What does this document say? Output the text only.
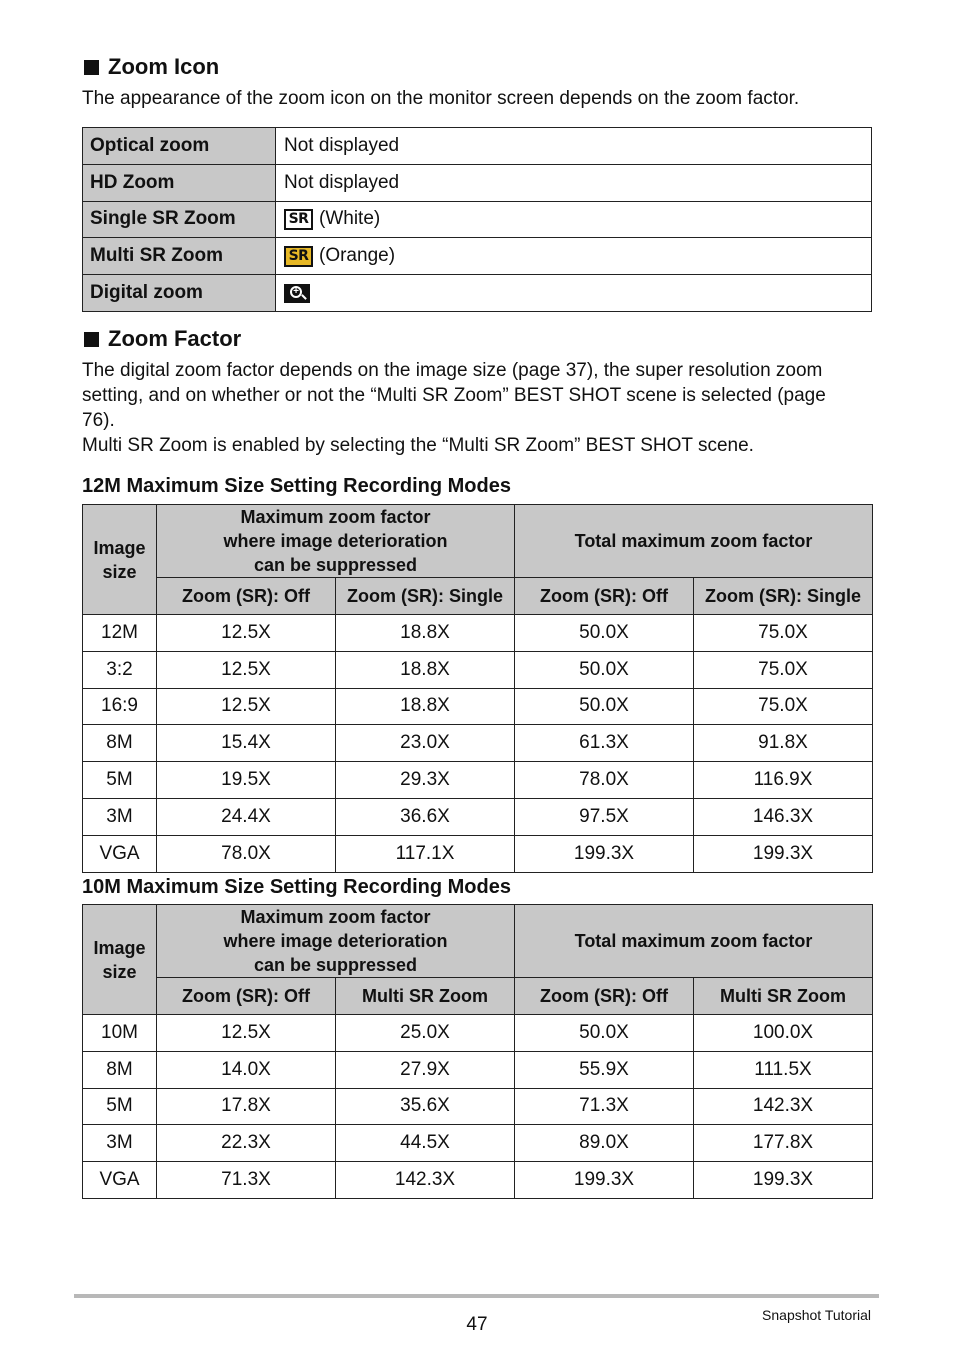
Zoom Icon
The appearance of the zoom icon on the monitor screen depends on the zoom factor.
Optical zoom	Not displayed
HD Zoom	Not displayed
Single SR Zoom	SR (White)

Multi SR Zoom	SR (Orange)

Digital zoom	+
Zoom Factor
The digital zoom factor depends on the image size (page 37), the super resolution zoom setting, and on whether or not the “Multi SR Zoom” BEST SHOT scene is selected (page 76).
Multi SR Zoom is enabled by selecting the “Multi SR Zoom” BEST SHOT scene.
12M Maximum Size Setting Recording Modes
Image size	Maximum zoom factor where image deterioration can be suppressed		Total maximum zoom factor	
	Zoom (SR): Off	Zoom (SR): Single	Zoom (SR): Off	Zoom (SR): Single
12M	12.5X	18.8X	50.0X	75.0X
3:2	12.5X	18.8X	50.0X	75.0X
16:9	12.5X	18.8X	50.0X	75.0X
8M	15.4X	23.0X	61.3X	91.8X
5M	19.5X	29.3X	78.0X	116.9X
3M	24.4X	36.6X	97.5X	146.3X
VGA	78.0X	117.1X	199.3X	199.3X
10M Maximum Size Setting Recording Modes
Image size	Maximum zoom factor where image deterioration can be suppressed		Total maximum zoom factor	
	Zoom (SR): Off	Multi SR Zoom	Zoom (SR): Off	Multi SR Zoom
10M	12.5X	25.0X	50.0X	100.0X
8M	14.0X	27.9X	55.9X	111.5X
5M	17.8X	35.6X	71.3X	142.3X
3M	22.3X	44.5X	89.0X	177.8X
VGA	71.3X	142.3X	199.3X	199.3X
47	Snapshot Tutorial
